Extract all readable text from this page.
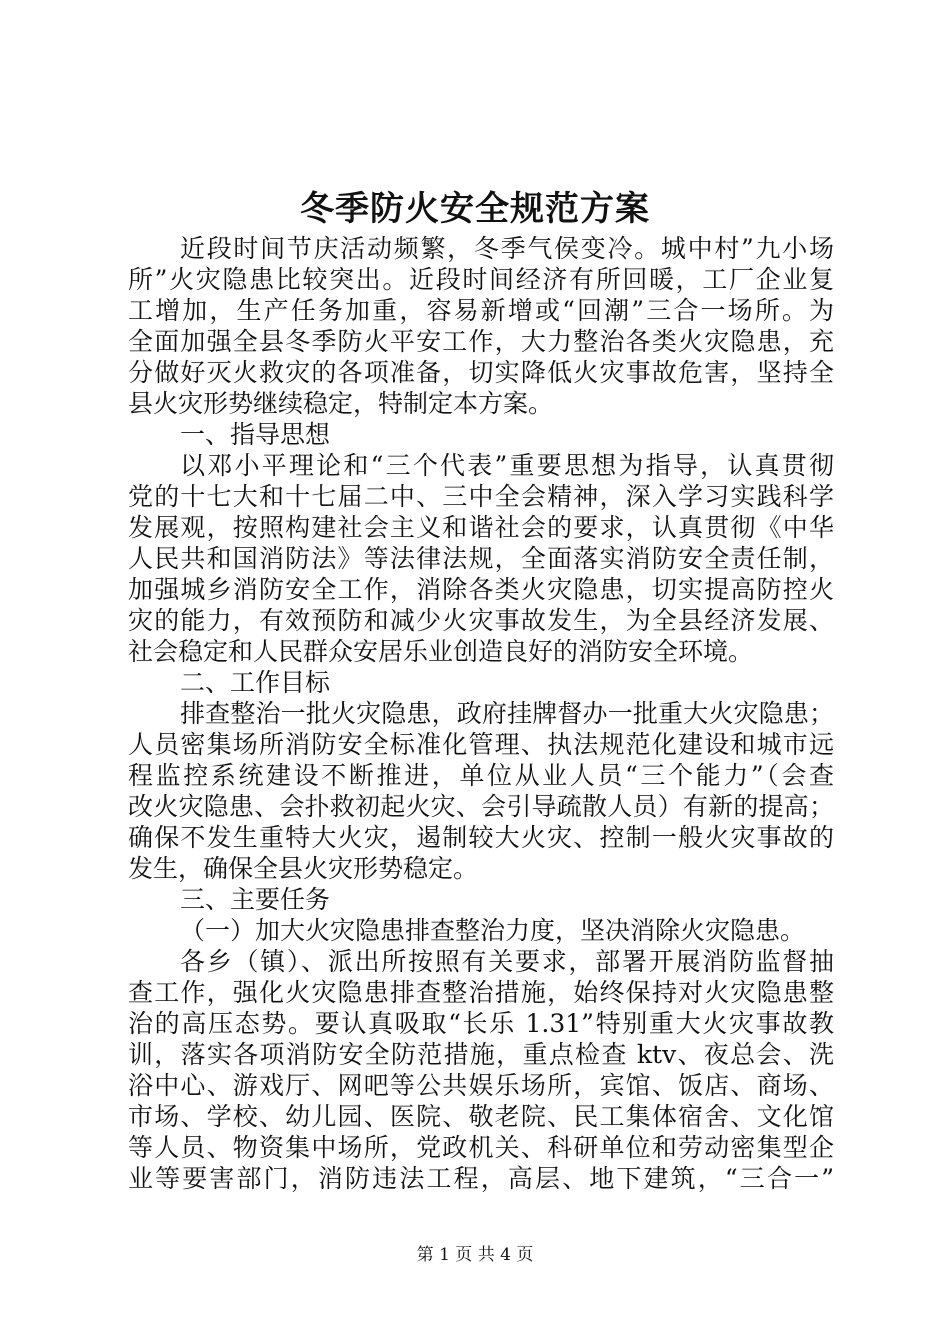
冬季防火安全规范方案
近段时间节庆活动频繁，冬季气侯变冷。城中村”九小场
所”火灾隐患比较突出。近段时间经济有所回暖，工厂企业复
工增加，生产任务加重，容易新增或“回潮”三合一场所。为
全面加强全县冬季防火平安工作，大力整治各类火灾隐患，充
分做好灭火救灾的各项准备，切实降低火灾事故危害，坚持全
县火灾形势继续稳定，特制定本方案。
一、指导思想
以邓小平理论和“三个代表”重要思想为指导，认真贯彻
党的十七大和十七届二中、三中全会精神，深入学习实践科学
发展观，按照构建社会主义和谐社会的要求，认真贯彻《中华
人民共和国消防法》等法律法规，全面落实消防安全责任制，
加强城乡消防安全工作，消除各类火灾隐患，切实提高防控火
灾的能力，有效预防和减少火灾事故发生，为全县经济发展、
社会稳定和人民群众安居乐业创造良好的消防安全环境。
二、工作目标
排查整治一批火灾隐患，政府挂牌督办一批重大火灾隐患；
人员密集场所消防安全标准化管理、执法规范化建设和城市远
程监控系统建设不断推进，单位从业人员“三个能力”（会查
改火灾隐患、会扑救初起火灾、会引导疏散人员）有新的提高；
确保不发生重特大火灾，遏制较大火灾、控制一般火灾事故的
发生，确保全县火灾形势稳定。
三、主要任务
（一）加大火灾隐患排查整治力度，坚决消除火灾隐患。
各乡（镇）、派出所按照有关要求，部署开展消防监督抽
查工作，强化火灾隐患排查整治措施，始终保持对火灾隐患整
治的高压态势。要认真吸取“长乐 1.31”特别重大火灾事故教
训，落实各项消防安全防范措施，重点检查 ktv、夜总会、洗
浴中心、游戏厅、网吧等公共娱乐场所，宾馆、饭店、商场、
市场、学校、幼儿园、医院、敬老院、民工集体宿舍、文化馆
等人员、物资集中场所，党政机关、科研单位和劳动密集型企
业等要害部门，消防违法工程，高层、地下建筑，“三合一”
第 1 页 共 4 页
